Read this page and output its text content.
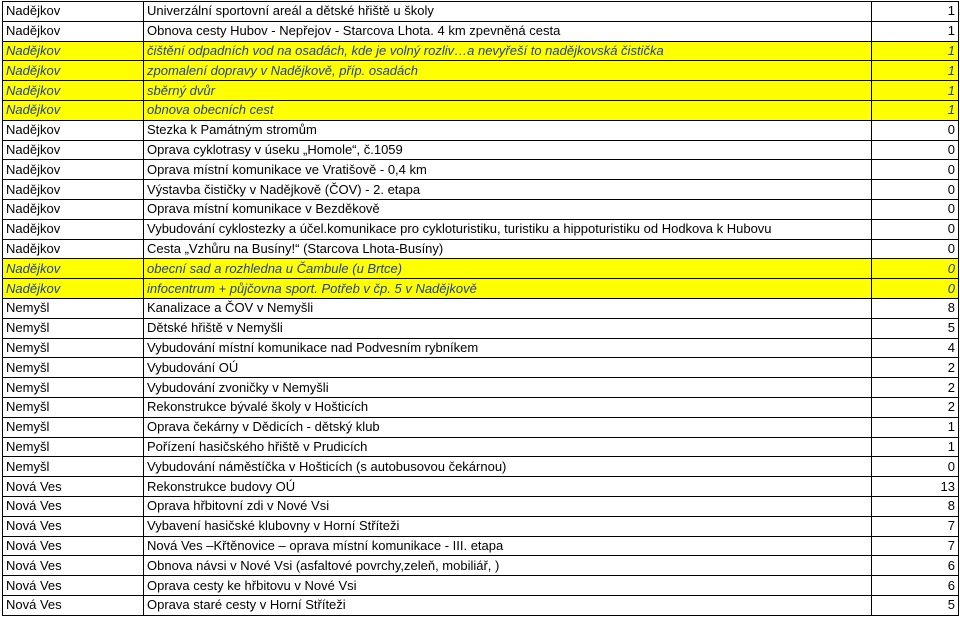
Nadějkov	Univerzální sportovní areál a dětské hřiště u školy	1
Nadějkov	Obnova cesty Hubov - Nepřejov - Starcova Lhota. 4 km zpevněná cesta	1
Nadějkov	čištění odpadních vod na osadách, kde je volný rozliv…a nevyřeší to nadějkovská čistička	1
Nadějkov	zpomalení dopravy v Nadějkově, příp. osadách	1
Nadějkov	sběrný dvůr	1
Nadějkov	obnova obecních cest	1
Nadějkov	Stezka k Památným stromům	0
Nadějkov	Oprava cyklotrasy v úseku „Homole“, č.1059	0
Nadějkov	Oprava místní komunikace ve Vratišově - 0,4 km	0
Nadějkov	Výstavba čističky v Nadějkově (ČOV) - 2. etapa	0
Nadějkov	Oprava místní komunikace v Bezděkově	0
Nadějkov	Vybudování cyklostezky a účel.komunikace pro cykloturistiku, turistiku a hippoturistiku od Hodkova k Hubovu	0
Nadějkov	Cesta „Vzhůru na Busíny!“ (Starcova Lhota-Busíny)	0
Nadějkov	obecní sad a rozhledna u Čambule (u Brtce)	0
Nadějkov	infocentrum + půjčovna sport. Potřeb v čp. 5 v Nadějkově	0
Nemyšl	Kanalizace a ČOV v Nemyšli	8
Nemyšl	Dětské hřiště v Nemyšli	5
Nemyšl	Vybudování místní komunikace nad Podvesním rybníkem	4
Nemyšl	Vybudování OÚ	2
Nemyšl	Vybudování zvoničky v Nemyšli	2
Nemyšl	Rekonstrukce bývalé školy v Hošticích	2
Nemyšl	Oprava čekárny v Dědicích - dětský klub	1
Nemyšl	Pořízení hasičského hřiště v Prudicích	1
Nemyšl	Vybudování náměstíčka v Hošticích (s autobusovou čekárnou)	0
Nová Ves	Rekonstrukce budovy OÚ	13
Nová Ves	Oprava hřbitovní zdi v Nové Vsi	8
Nová Ves	Vybavení hasičské klubovny v Horní Stříteži	7
Nová Ves	Nová Ves –Křtěnovice – oprava místní komunikace - III. etapa	7
Nová Ves	Obnova návsi v Nové Vsi (asfaltové povrchy,zeleň, mobiliář, )	6
Nová Ves	Oprava cesty ke hřbitovu v Nové Vsi	6
Nová Ves	Oprava staré cesty v Horní Stříteži	5
